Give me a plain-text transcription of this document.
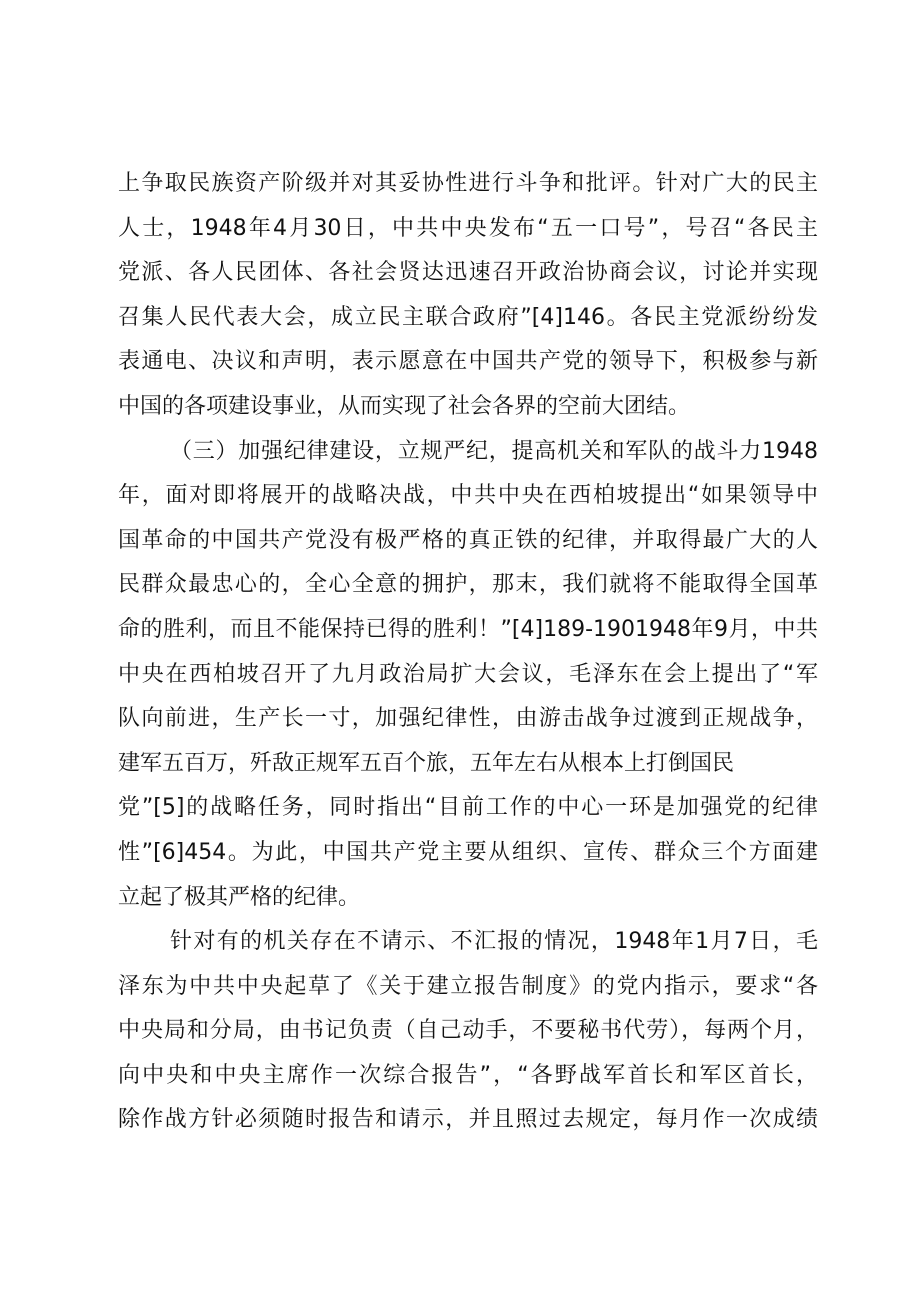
上争取民族资产阶级并对其妥协性进行斗争和批评。针对广大的民主
人士，1948年4月30日，中共中央发布“五一口号”，号召“各民主
党派、各人民团体、各社会贤达迅速召开政治协商会议，讨论并实现
召集人民代表大会，成立民主联合政府”[4]146。各民主党派纷纷发
表通电、决议和声明，表示愿意在中国共产党的领导下，积极参与新
中国的各项建设事业，从而实现了社会各界的空前大团结。
（三）加强纪律建设，立规严纪，提高机关和军队的战斗力1948
年，面对即将展开的战略决战，中共中央在西柏坡提出“如果领导中
国革命的中国共产党没有极严格的真正铁的纪律，并取得最广大的人
民群众最忠心的，全心全意的拥护，那末，我们就将不能取得全国革
命的胜利，而且不能保持已得的胜利！”[4]189-1901948年9月，中共
中央在西柏坡召开了九月政治局扩大会议，毛泽东在会上提出了“军
队向前进，生产长一寸，加强纪律性，由游击战争过渡到正规战争，
建军五百万，歼敌正规军五百个旅，五年左右从根本上打倒国民
党”[5]的战略任务，同时指出“目前工作的中心一环是加强党的纪律
性”[6]454。为此，中国共产党主要从组织、宣传、群众三个方面建
立起了极其严格的纪律。
针对有的机关存在不请示、不汇报的情况，1948年1月7日，毛
泽东为中共中央起草了《关于建立报告制度》的党内指示，要求“各
中央局和分局，由书记负责（自己动手，不要秘书代劳），每两个月，
向中央和中央主席作一次综合报告”，“各野战军首长和军区首长，
除作战方针必须随时报告和请示，并且照过去规定，每月作一次成绩
